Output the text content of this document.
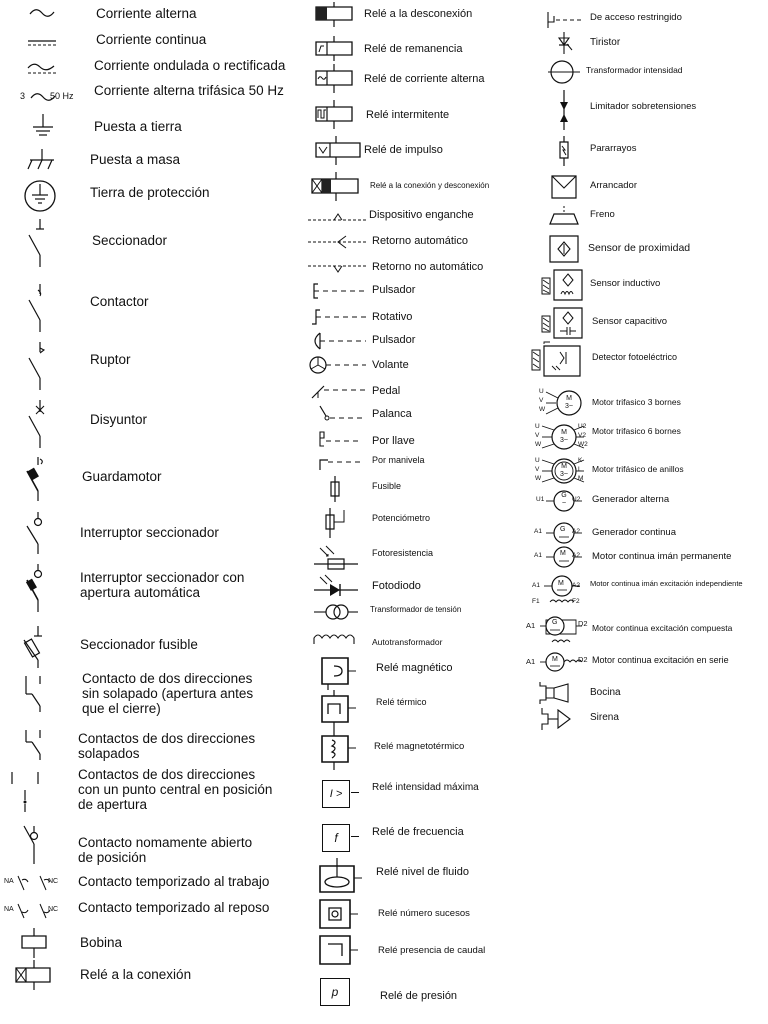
Corriente alterna
Corriente continua
Corriente ondulada o rectificada
3	50 Hz Corriente alterna trifásica 50 Hz
Puesta a tierra
Puesta a masa
Tierra de protección
Seccionador
Contactor
Ruptor
Disyuntor
Guardamotor
Interruptor seccionador
Interruptor seccionador con
apertura automática
Seccionador fusible
Contacto de dos direcciones
sin solapado (apertura antes
que el cierre)
Contactos de dos direcciones
solapados
Contactos de dos direcciones
con un punto central en posición
de apertura
Contacto nomamente abierto
de posición
NA	NC Contacto temporizado al trabajo
NA	NC Contacto temporizado al reposo
Bobina
Relé a la conexión
Relé a la desconexión
Relé de remanencia
Relé de corriente alterna
Relé intermitente
Relé de impulso
Relé a la conexión y desconexión
Dispositivo enganche
Retorno automático
Retorno no automático
Pulsador
Rotativo
Pulsador
Volante
Pedal
Palanca
Por llave
Por manivela
Fusible
Potenciómetro
Fotoresistencia
Fotodiodo
Transformador de tensión
Autotransformador
Relé magnético
Relé térmico
Relé magnetotérmico
I >
Relé intensidad máxima
f	Relé de frecuencia
Relé nivel de fluido
Relé número sucesos
Relé presencia de caudal
p	Relé de presión
De acceso restringido
Tiristor
Transformador intensidad
Limitador sobretensiones
Pararrayos
Arrancador
Freno
Sensor de proximidad
Sensor inductivo
Sensor capacitivo
Detector fotoeléctrico
U
V
W
M
3~	Motor trifasico 3 bornes
U
V
W
U2
V2
W2
M
3~
Motor trifasico 6 bornes
U
V
W
K
L
M
M
3~
Motor trifásico de anillos
U1	U2
G
~	Generador alterna
A1	A2
G	Generador continua
A1	A2
M	Motor continua imán permanente
A1	A2
M
F1	F2
Motor continua imán excitación independiente
A1	D2
G
Motor continua excitación compuesta
A1	D2
M	Motor continua excitación en serie
Bocina
Sirena
